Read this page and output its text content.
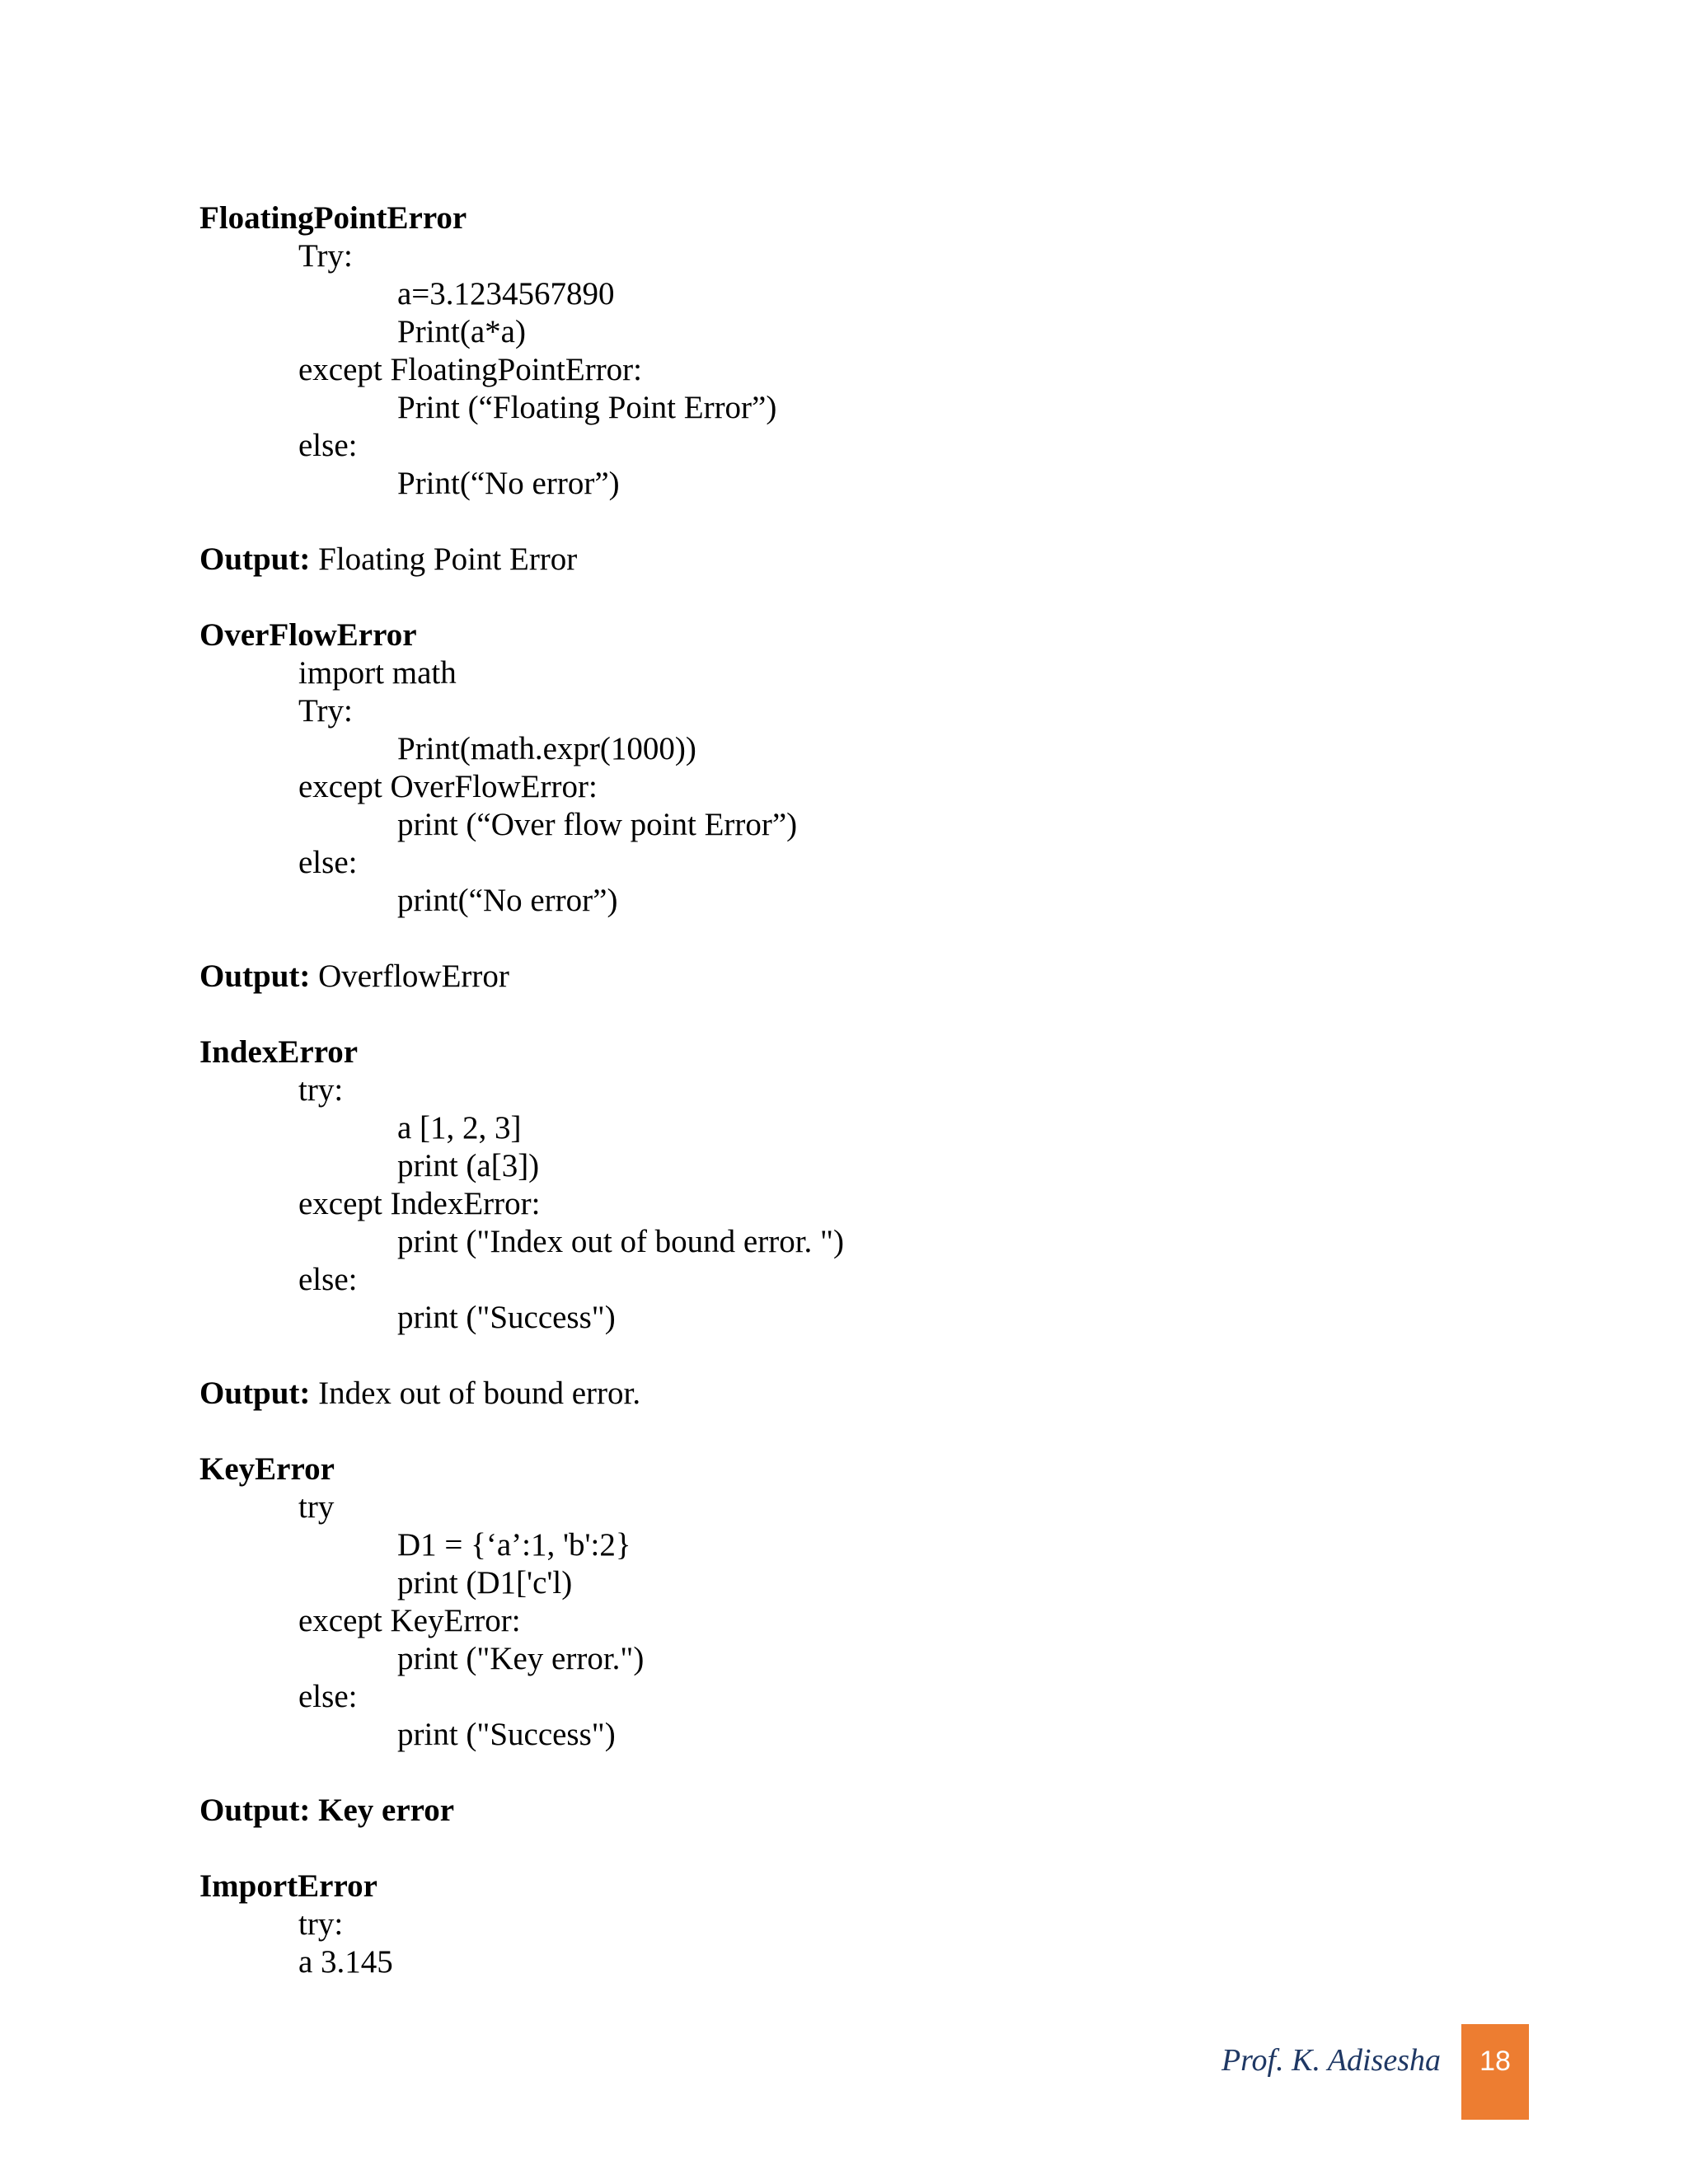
FloatingPointError
Try:
a=3.1234567890
Print(a*a)
except FloatingPointError:
Print (“Floating Point Error”)
else:
Print(“No error”)
Output: Floating Point Error
OverFlowError
import math
Try:
Print(math.expr(1000))
except OverFlowError:
print (“Over flow point Error”)
else:
print(“No error”)
Output: OverflowError
IndexError
try:
a [1, 2, 3]
print (a[3])
except IndexError:
print ("Index out of bound error. ")
else:
print ("Success")
Output: Index out of bound error.
KeyError
try
D1 = {‘a’:1, 'b':2}
print (D1['c'l)
except KeyError:
print ("Key error.")
else:
print ("Success")
Output: Key error
ImportError
try:
a 3.145
Prof. K. Adisesha	18
